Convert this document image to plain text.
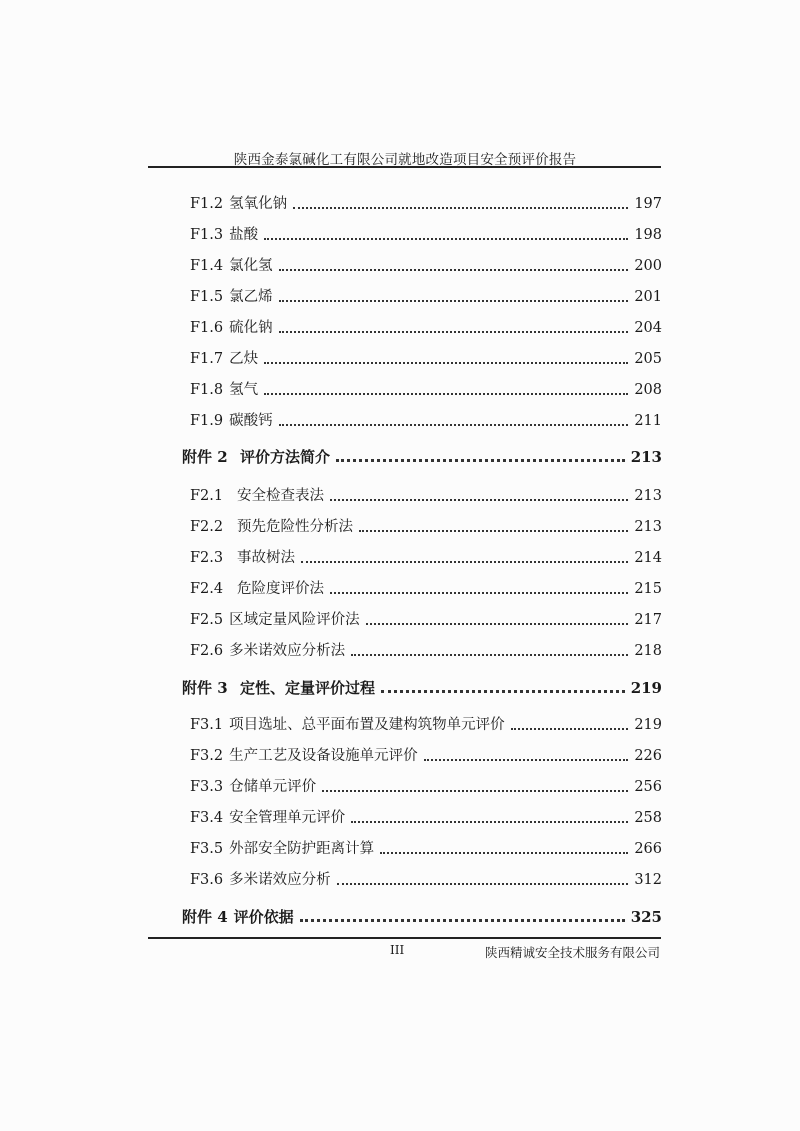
陕西金泰氯碱化工有限公司就地改造项目安全预评价报告
F1.2 氢氧化钠	197
F1.3 盐酸	198
F1.4 氯化氢	200
F1.5 氯乙烯	201
F1.6 硫化钠	204
F1.7 乙炔	205
F1.8 氢气	208
F1.9 碳酸钙	211
附件 2 评价方法简介	213
F2.1 安全检查表法	213
F2.2 预先危险性分析法	213
F2.3 事故树法	214
F2.4 危险度评价法	215
F2.5 区域定量风险评价法	217
F2.6 多米诺效应分析法	218
附件 3 定性、定量评价过程	219
F3.1 项目选址、总平面布置及建构筑物单元评价	219
F3.2 生产工艺及设备设施单元评价	226
F3.3 仓储单元评价	256
F3.4 安全管理单元评价	258
F3.5 外部安全防护距离计算	266
F3.6 多米诺效应分析	312
附件 4 评价依据	325
III	陕西精诚安全技术服务有限公司
